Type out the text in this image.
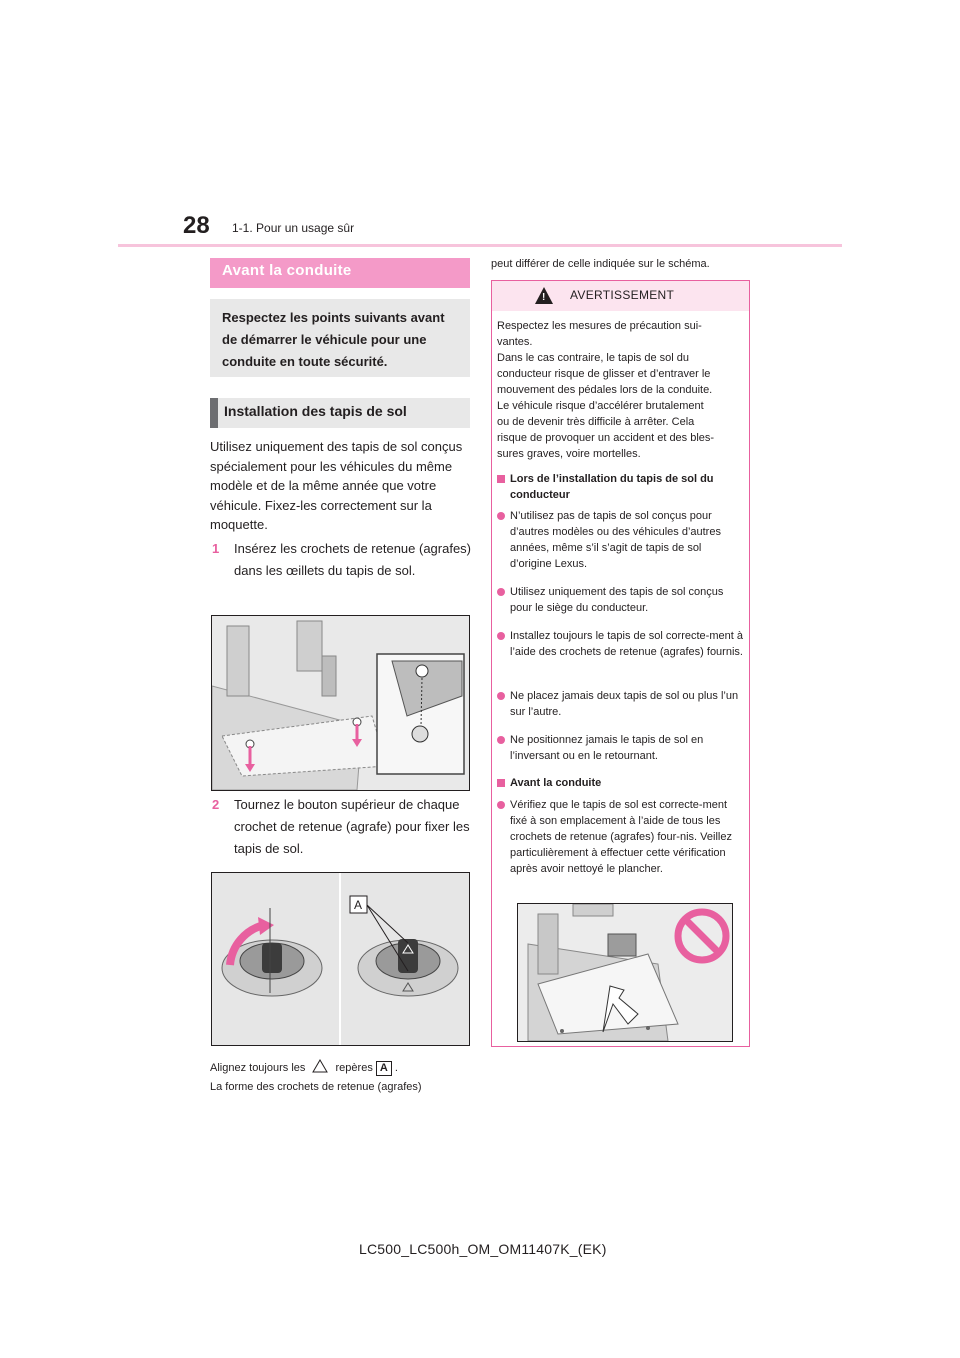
28 1-1. Pour un usage sûr
Avant la conduite
Respectez les points suivants avant de démarrer le véhicule pour une conduite en toute sécurité.
Installation des tapis de sol
Utilisez uniquement des tapis de sol conçus spécialement pour les véhicules du même modèle et de la même année que votre véhicule. Fixez-les correctement sur la moquette.
1 Insérez les crochets de retenue (agrafes) dans les œillets du tapis de sol.
2 Tournez le bouton supérieur de chaque crochet de retenue (agrafe) pour fixer les tapis de sol.
A
Alignez toujours les	repères A .
La forme des crochets de retenue (agrafes)
peut différer de celle indiquée sur le schéma.
! AVERTISSEMENT
Respectez les mesures de précaution sui-
vantes.
Dans le cas contraire, le tapis de sol du
conducteur risque de glisser et d’entraver le
mouvement des pédales lors de la conduite.
Le véhicule risque d’accélérer brutalement
ou de devenir très difficile à arrêter. Cela
risque de provoquer un accident et des bles-
sures graves, voire mortelles.
Lors de l’installation du tapis de sol du conducteur
N’utilisez pas de tapis de sol conçus pour d’autres modèles ou des véhicules d’autres années, même s’il s’agit de tapis de sol d’origine Lexus.
Utilisez uniquement des tapis de sol conçus pour le siège du conducteur.
Installez toujours le tapis de sol correcte-ment à l’aide des crochets de retenue (agrafes) fournis.
Ne placez jamais deux tapis de sol ou plus l’un sur l’autre.
Ne positionnez jamais le tapis de sol en l’inversant ou en le retournant.
Avant la conduite
Vérifiez que le tapis de sol est correcte-ment fixé à son emplacement à l’aide de tous les crochets de retenue (agrafes) four-nis. Veillez particulièrement à effectuer cette vérification après avoir nettoyé le plancher.
LC500_LC500h_OM_OM11407K_(EK)
